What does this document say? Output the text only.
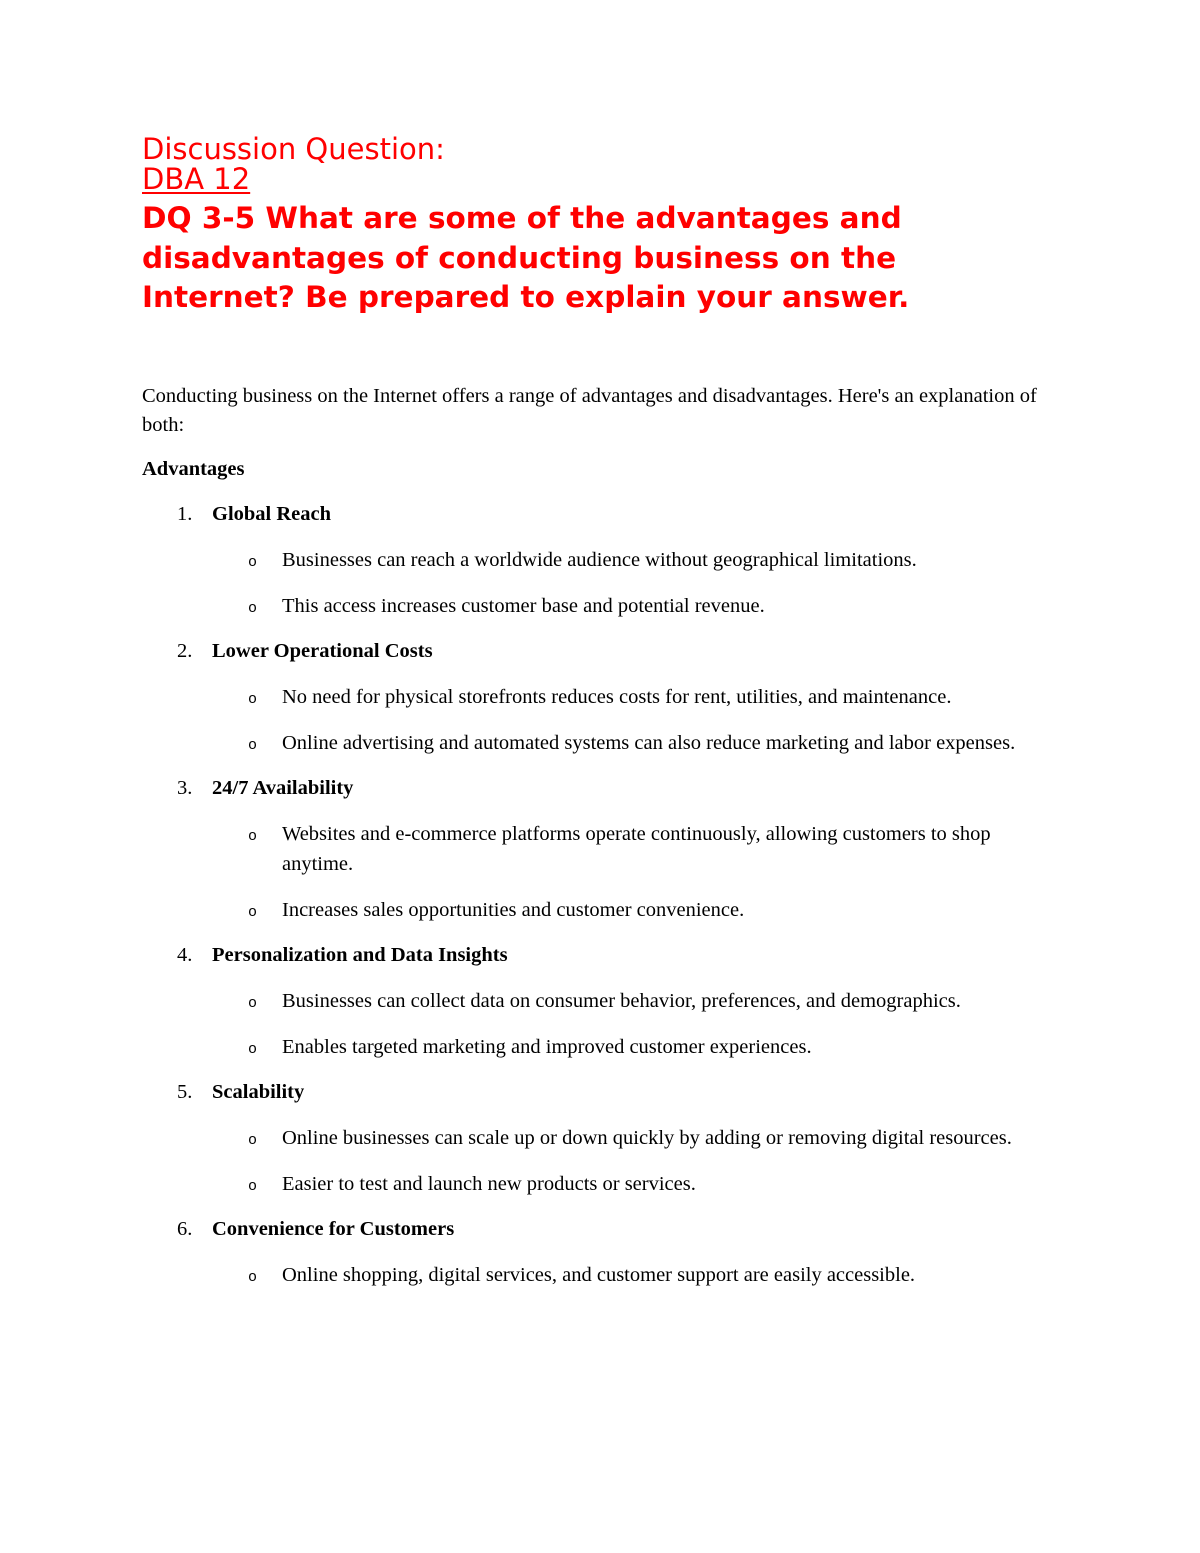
Discussion Question:
DBA 12
DQ 3-5 What are some of the advantages and disadvantages of conducting business on the Internet? Be prepared to explain your answer.

Conducting business on the Internet offers a range of advantages and disadvantages. Here's an explanation of both:

Advantages
1. Global Reach
o Businesses can reach a worldwide audience without geographical limitations.
o This access increases customer base and potential revenue.
2. Lower Operational Costs
o No need for physical storefronts reduces costs for rent, utilities, and maintenance.
o Online advertising and automated systems can also reduce marketing and labor expenses.
3. 24/7 Availability
o Websites and e-commerce platforms operate continuously, allowing customers to shop anytime.
o Increases sales opportunities and customer convenience.
4. Personalization and Data Insights
o Businesses can collect data on consumer behavior, preferences, and demographics.
o Enables targeted marketing and improved customer experiences.
5. Scalability
o Online businesses can scale up or down quickly by adding or removing digital resources.
o Easier to test and launch new products or services.
6. Convenience for Customers
o Online shopping, digital services, and customer support are easily accessible.
